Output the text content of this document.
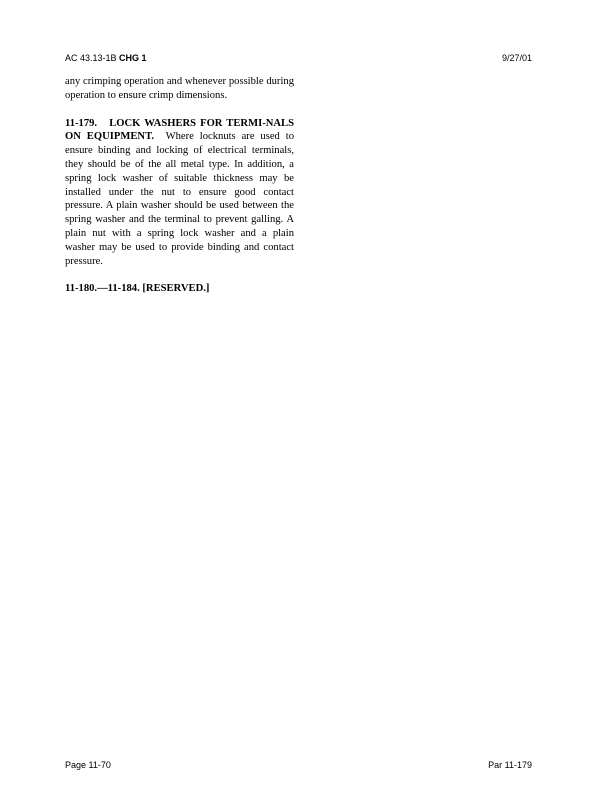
AC 43.13-1B CHG 1	9/27/01

any crimping operation and whenever possible during operation to ensure crimp dimensions.

11-179. LOCK WASHERS FOR TERMI-NALS ON EQUIPMENT. Where locknuts are used to ensure binding and locking of electrical terminals, they should be of the all metal type. In addition, a spring lock washer of suitable thickness may be installed under the nut to ensure good contact pressure. A plain washer should be used between the spring washer and the terminal to prevent galling. A plain nut with a spring lock washer and a plain washer may be used to provide binding and contact pressure.

11-180.—11-184. [RESERVED.]

Page 11-70	Par 11-179
